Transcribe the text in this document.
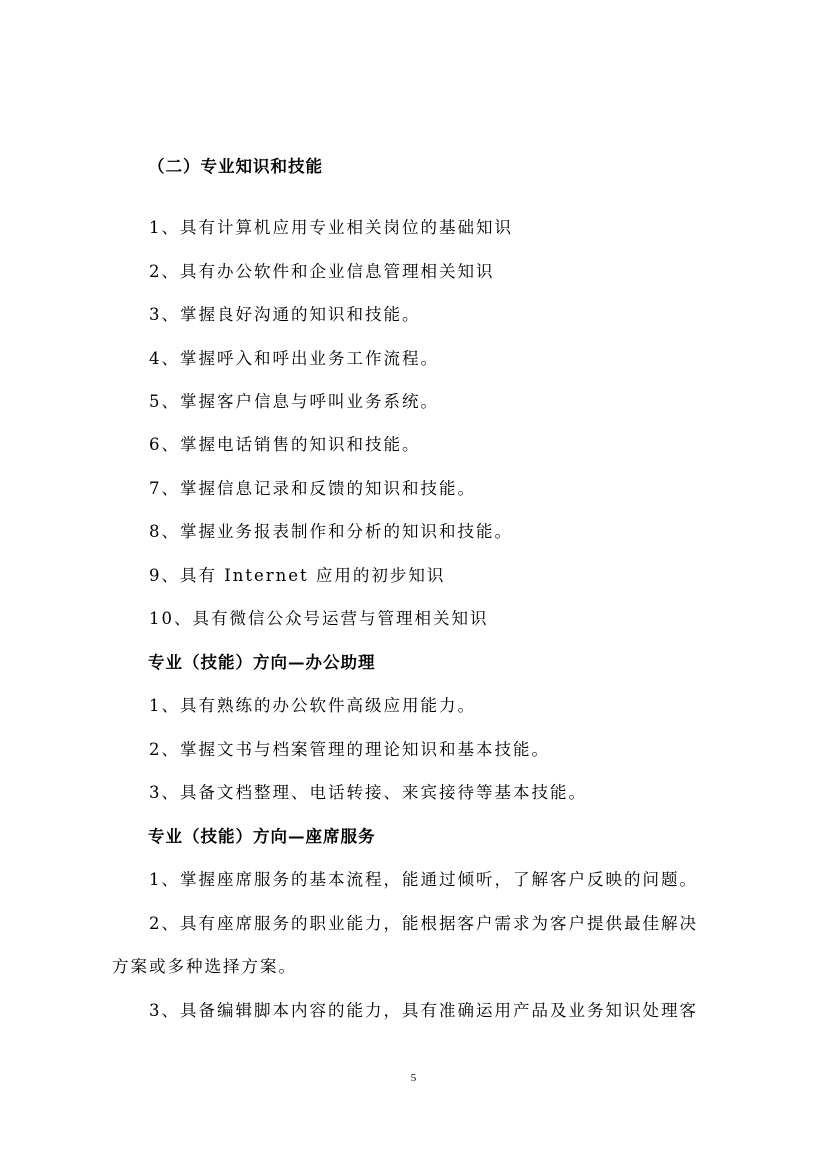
（二）专业知识和技能
1、具有计算机应用专业相关岗位的基础知识
2、具有办公软件和企业信息管理相关知识
3、掌握良好沟通的知识和技能。
4、掌握呼入和呼出业务工作流程。
5、掌握客户信息与呼叫业务系统。
6、掌握电话销售的知识和技能。
7、掌握信息记录和反馈的知识和技能。
8、掌握业务报表制作和分析的知识和技能。
9、具有 Internet 应用的初步知识
10、具有微信公众号运营与管理相关知识
专业（技能）方向—办公助理
1、具有熟练的办公软件高级应用能力。
2、掌握文书与档案管理的理论知识和基本技能。
3、具备文档整理、电话转接、来宾接待等基本技能。
专业（技能）方向—座席服务
1、掌握座席服务的基本流程，能通过倾听，了解客户反映的问题。
2、具有座席服务的职业能力，能根据客户需求为客户提供最佳解决
方案或多种选择方案。
3、具备编辑脚本内容的能力，具有准确运用产品及业务知识处理客
5
